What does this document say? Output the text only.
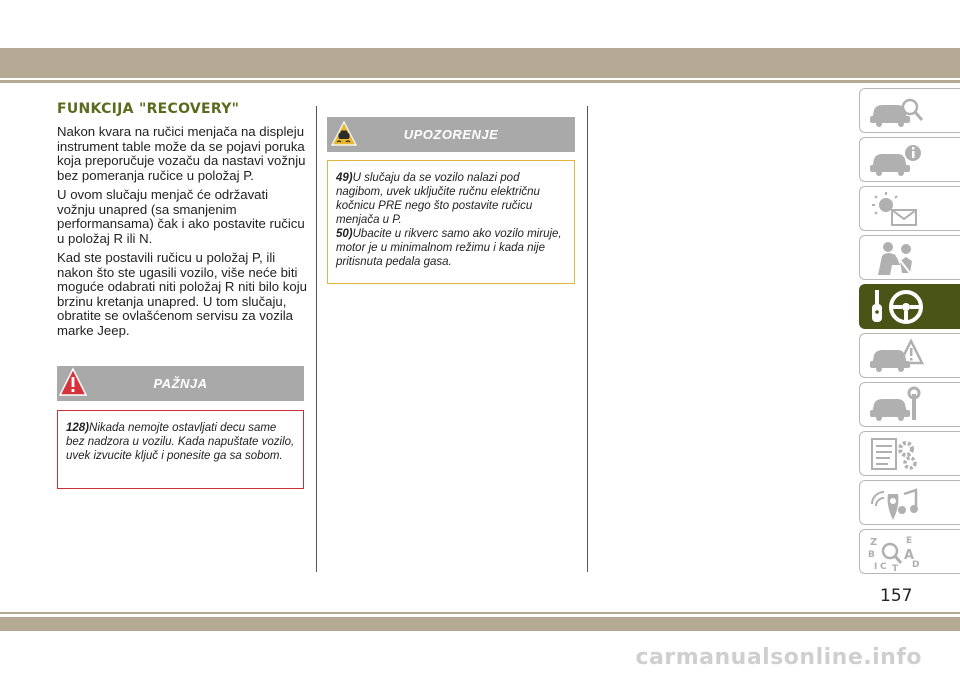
FUNKCIJA "RECOVERY"

Nakon kvara na ručici menjača na displeju instrument table može da se pojavi poruka koja preporučuje vozaču da nastavi vožnju bez pomeranja ručice u položaj P.

U ovom slučaju menjač će održavati vožnju unapred (sa smanjenim performansama) čak i ako postavite ručicu u položaj R ili N.

Kad ste postavili ručicu u položaj P, ili nakon što ste ugasili vozilo, više neće biti moguće odabrati niti položaj R niti bilo koju brzinu kretanja unapred. U tom slučaju, obratite se ovlašćenom servisu za vozila marke Jeep.

PAŽNJA

128)Nikada nemojte ostavljati decu same bez nadzora u vozilu. Kada napuštate vozilo, uvek izvucite ključ i ponesite ga sa sobom.

UPOZORENJE

49)U slučaju da se vozilo nalazi pod nagibom, uvek uključite ručnu električnu kočnicu PRE nego što postavite ručicu menjača u P.

50)Ubacite u rikverc samo ako vozilo miruje, motor je u minimalnom režimu i kada nije pritisnuta pedala gasa.

Z	E
B A
I C T D
157
carmanualsonline.info
